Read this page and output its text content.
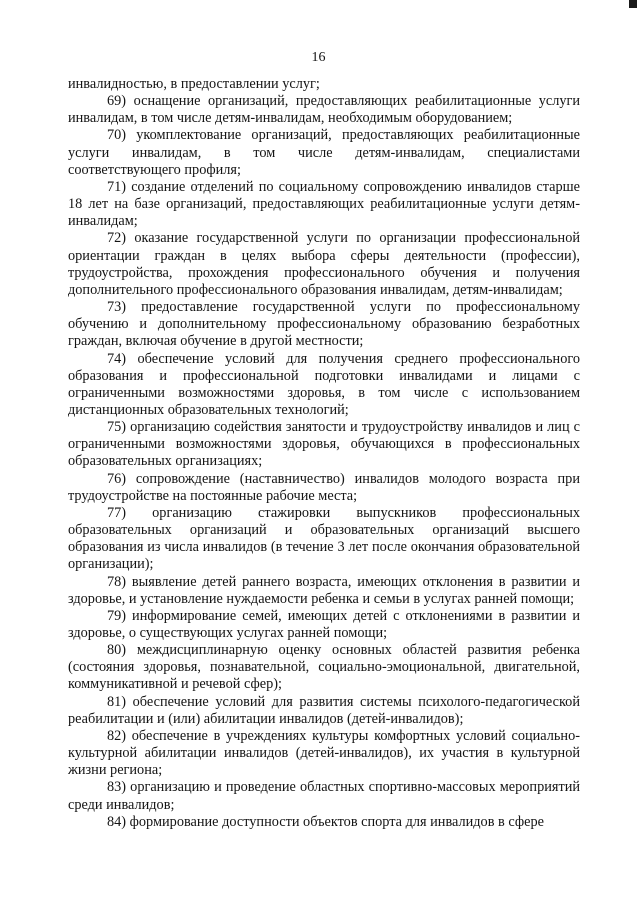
16

инвалидностью, в предоставлении услуг;

69) оснащение организаций, предоставляющих реабилитационные услуги инвалидам, в том числе детям-инвалидам, необходимым оборудованием;

70) укомплектование организаций, предоставляющих реабилитационные услуги инвалидам, в том числе детям-инвалидам, специалистами соответствующего профиля;

71) создание отделений по социальному сопровождению инвалидов старше 18 лет на базе организаций, предоставляющих реабилитационные услуги детям-инвалидам;

72) оказание государственной услуги по организации профессиональной ориентации граждан в целях выбора сферы деятельности (профессии), трудоустройства, прохождения профессионального обучения и получения дополнительного профессионального образования инвалидам, детям-инвалидам;

73) предоставление государственной услуги по профессиональному обучению и дополнительному профессиональному образованию безработных граждан, включая обучение в другой местности;

74) обеспечение условий для получения среднего профессионального образования и профессиональной подготовки инвалидами и лицами с ограниченными возможностями здоровья, в том числе с использованием дистанционных образовательных технологий;

75) организацию содействия занятости и трудоустройству инвалидов и лиц с ограниченными возможностями здоровья, обучающихся в профессиональных образовательных организациях;

76) сопровождение (наставничество) инвалидов молодого возраста при трудоустройстве на постоянные рабочие места;

77) организацию стажировки выпускников профессиональных образовательных организаций и образовательных организаций высшего образования из числа инвалидов (в течение 3 лет после окончания образовательной организации);

78) выявление детей раннего возраста, имеющих отклонения в развитии и здоровье, и установление нуждаемости ребенка и семьи в услугах ранней помощи;

79) информирование семей, имеющих детей с отклонениями в развитии и здоровье, о существующих услугах ранней помощи;

80) междисциплинарную оценку основных областей развития ребенка (состояния здоровья, познавательной, социально-эмоциональной, двигательной, коммуникативной и речевой сфер);

81) обеспечение условий для развития системы психолого-педагогической реабилитации и (или) абилитации инвалидов (детей-инвалидов);

82) обеспечение в учреждениях культуры комфортных условий социально-культурной абилитации инвалидов (детей-инвалидов), их участия в культурной жизни региона;

83) организацию и проведение областных спортивно-массовых мероприятий среди инвалидов;

84) формирование доступности объектов спорта для инвалидов в сфере
